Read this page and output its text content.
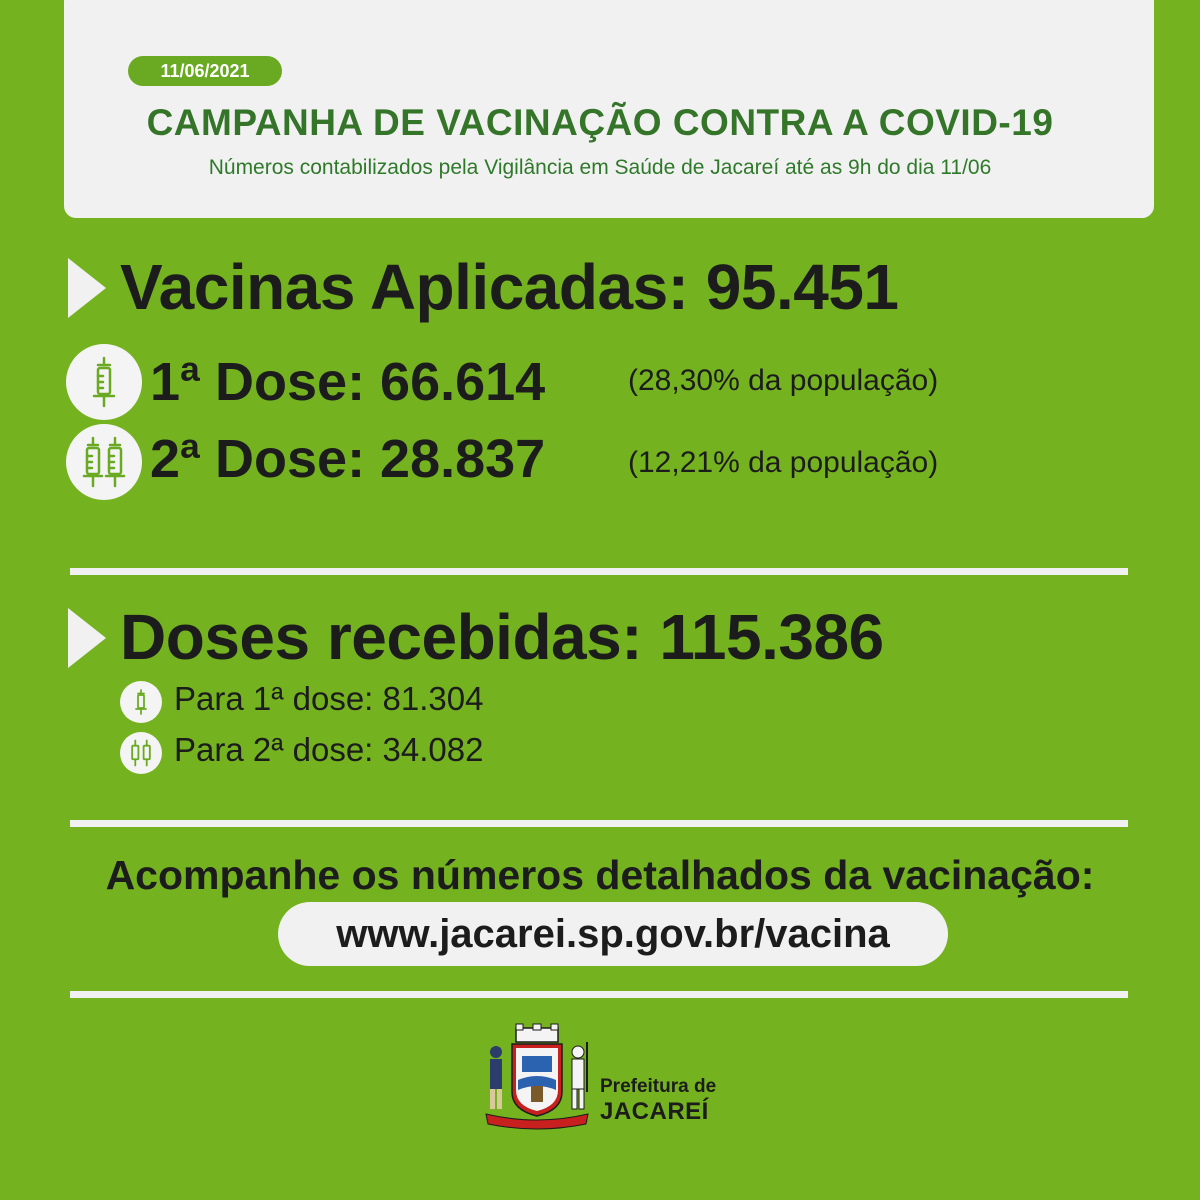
11/06/2021
CAMPANHA DE VACINAÇÃO CONTRA A COVID-19
Números contabilizados pela Vigilância em Saúde de Jacareí até as 9h do dia 11/06
Vacinas Aplicadas: 95.451
1ª Dose: 66.614	(28,30% da população)
2ª Dose: 28.837	(12,21% da população)
Doses recebidas: 115.386
Para 1ª dose: 81.304
Para 2ª dose: 34.082
Acompanhe os números detalhados da vacinação:
www.jacarei.sp.gov.br/vacina
Prefeitura de
JACAREÍ
